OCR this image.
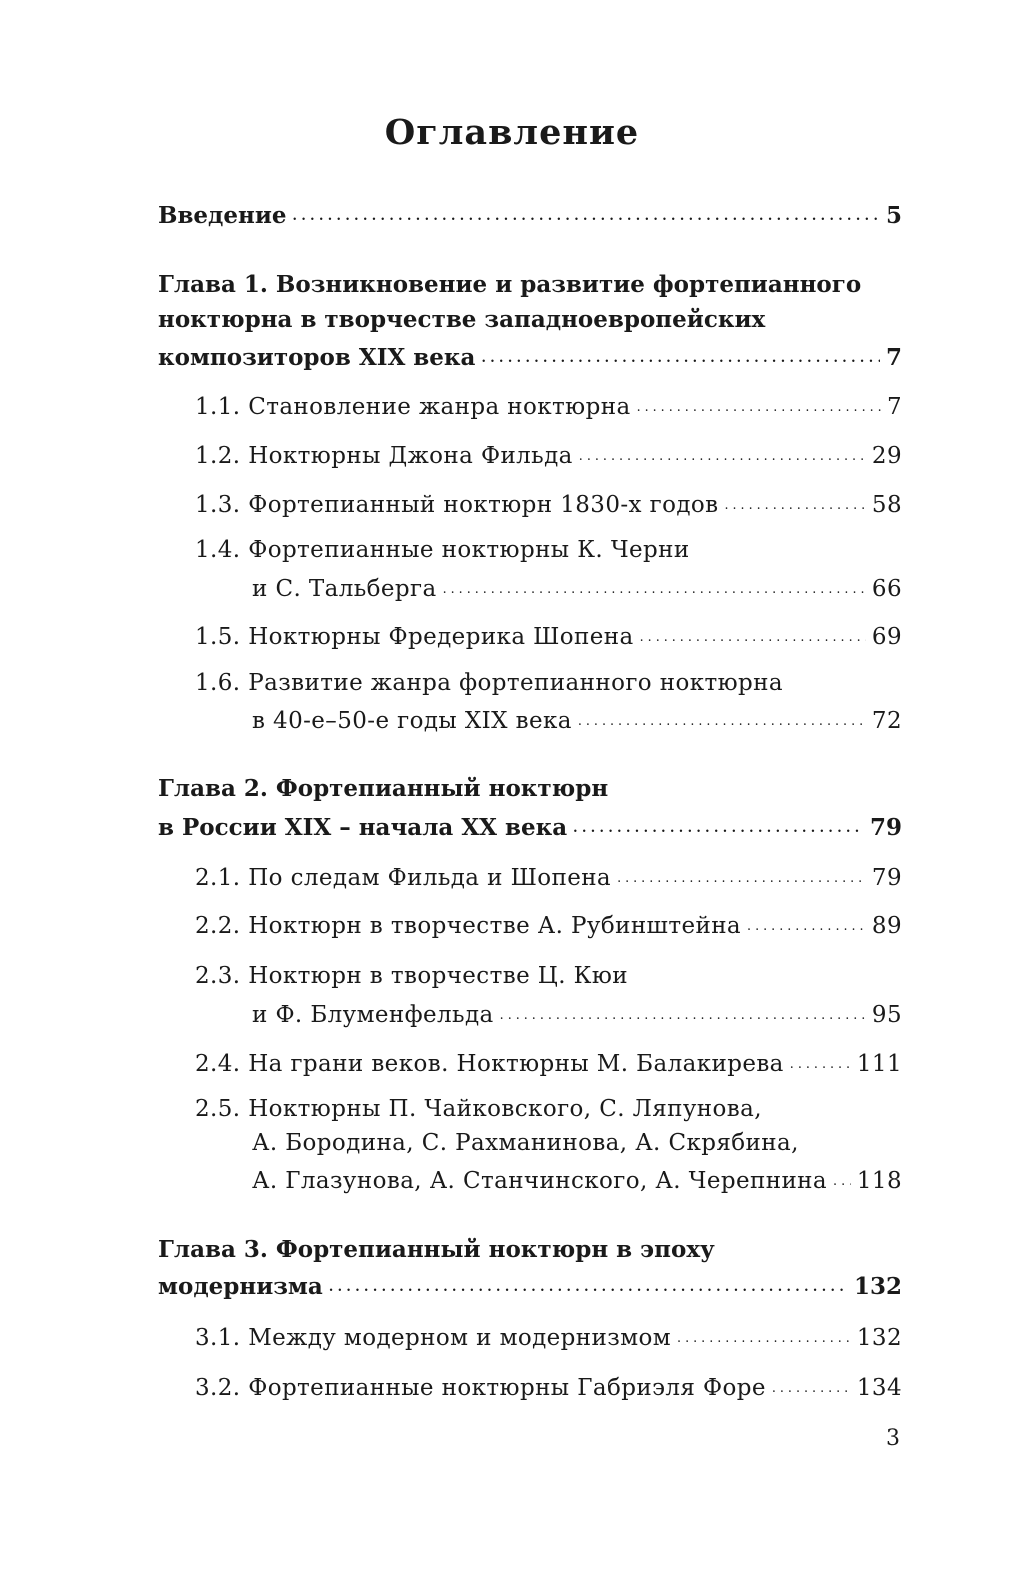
Оглавление
Введение . . .	5
Глава 1. Возникновение и развитие фортепианного
ноктюрна в творчестве западноевропейских
композиторов XIX века . . .	7
1.1. Становление жанра ноктюрна . . .	7
1.2. Ноктюрны Джона Фильда . . .	29
1.3. Фортепианный ноктюрн 1830-х годов . . .	58
1.4. Фортепианные ноктюрны К. Черни
и С. Тальберга . . .	66
1.5. Ноктюрны Фредерика Шопена . . .	69
1.6. Развитие жанра фортепианного ноктюрна
в 40-е–50-е годы XIX века . . .	72
Глава 2. Фортепианный ноктюрн
в России XIX – начала XX века . . .	79
2.1. По следам Фильда и Шопена . . .	79
2.2. Ноктюрн в творчестве А. Рубинштейна . . .	89
2.3. Ноктюрн в творчестве Ц. Кюи
и Ф. Блуменфельда . . .	95
2.4. На грани веков. Ноктюрны М. Балакирева . . .	111
2.5. Ноктюрны П. Чайковского, С. Ляпунова,
А. Бородина, С. Рахманинова, А. Скрябина,
А. Глазунова, А. Станчинского, А. Черепнина . . . 118
Глава 3. Фортепианный ноктюрн в эпоху
модернизма . . .	132
3.1. Между модерном и модернизмом . . .	132
3.2. Фортепианные ноктюрны Габриэля Форе . . .	134
3
